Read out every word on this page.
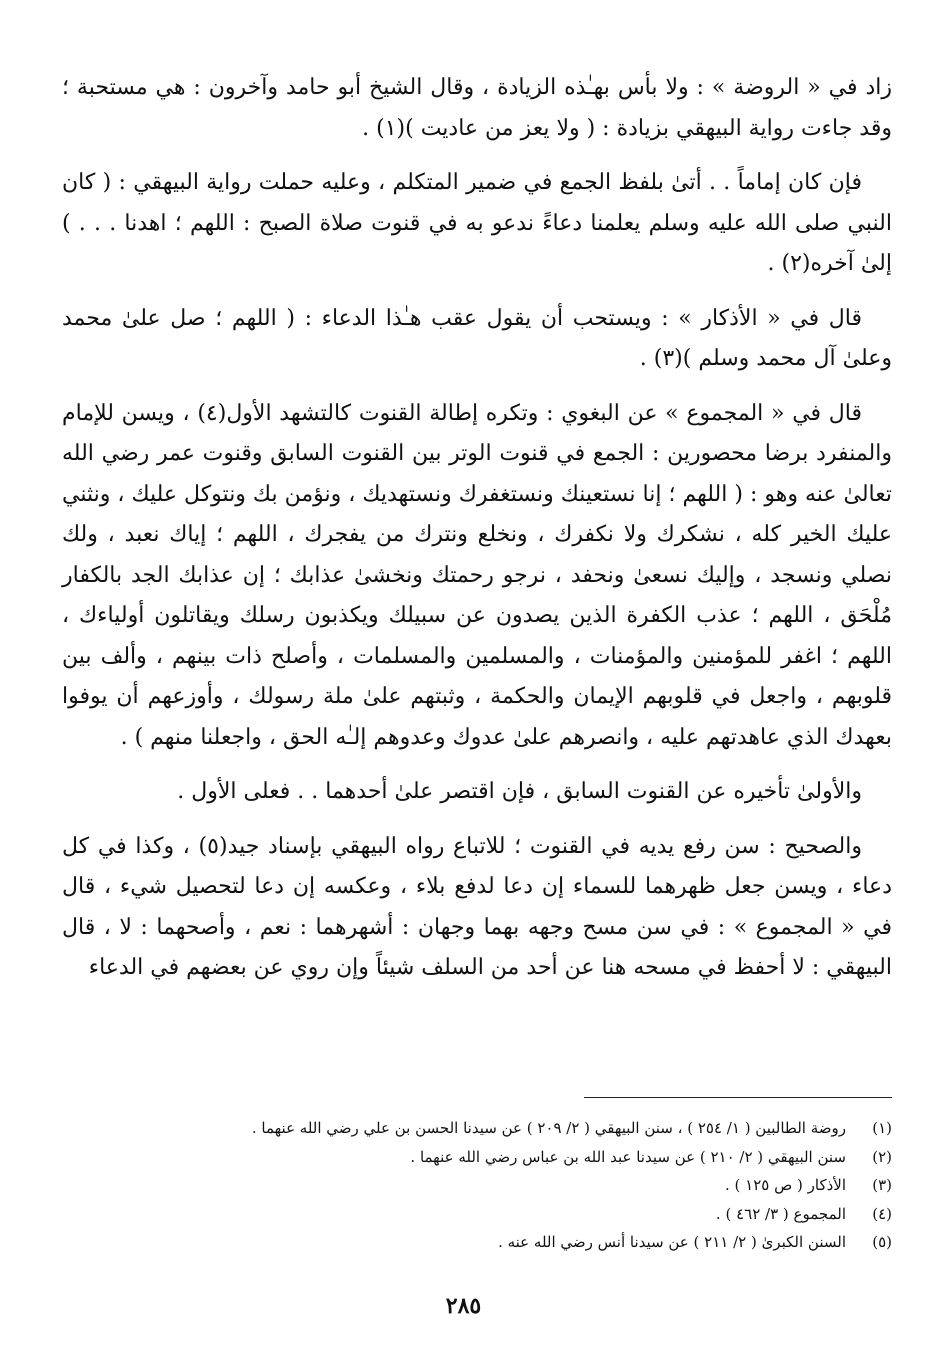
زاد في « الروضة » : ولا بأس بهـٰذه الزيادة ، وقال الشيخ أبو حامد وآخرون : هي مستحبة ؛ وقد جاءت رواية البيهقي بزيادة : ( ولا يعز من عاديت )(١) .

فإن كان إماماً . . أتىٰ بلفظ الجمع في ضمير المتكلم ، وعليه حملت رواية البيهقي : ( كان النبي صلى الله عليه وسلم يعلمنا دعاءً ندعو به في قنوت صلاة الصبح : اللهم ؛ اهدنا . . . ) إلىٰ آخره(٢) .

قال في « الأذكار » : ويستحب أن يقول عقب هـٰذا الدعاء : ( اللهم ؛ صل علىٰ محمد وعلىٰ آل محمد وسلم )(٣) .

قال في « المجموع » عن البغوي : وتكره إطالة القنوت كالتشهد الأول(٤) ، ويسن للإمام والمنفرد برضا محصورين : الجمع في قنوت الوتر بين القنوت السابق وقنوت عمر رضي الله تعالىٰ عنه وهو : ( اللهم ؛ إنا نستعينك ونستغفرك ونستهديك ، ونؤمن بك ونتوكل عليك ، ونثني عليك الخير كله ، نشكرك ولا نكفرك ، ونخلع ونترك من يفجرك ، اللهم ؛ إياك نعبد ، ولك نصلي ونسجد ، وإليك نسعىٰ ونحفد ، نرجو رحمتك ونخشىٰ عذابك ؛ إن عذابك الجد بالكفار مُلْحَق ، اللهم ؛ عذب الكفرة الذين يصدون عن سبيلك ويكذبون رسلك ويقاتلون أولياءك ، اللهم ؛ اغفر للمؤمنين والمؤمنات ، والمسلمين والمسلمات ، وأصلح ذات بينهم ، وألف بين قلوبهم ، واجعل في قلوبهم الإيمان والحكمة ، وثبتهم علىٰ ملة رسولك ، وأوزعهم أن يوفوا بعهدك الذي عاهدتهم عليه ، وانصرهم علىٰ عدوك وعدوهم إلـٰه الحق ، واجعلنا منهم ) .

والأولىٰ تأخيره عن القنوت السابق ، فإن اقتصر علىٰ أحدهما . . فعلى الأول .

والصحيح : سن رفع يديه في القنوت ؛ للاتباع رواه البيهقي بإسناد جيد(٥) ، وكذا في كل دعاء ، ويسن جعل ظهرهما للسماء إن دعا لدفع بلاء ، وعكسه إن دعا لتحصيل شيء ، قال في « المجموع » : في سن مسح وجهه بهما وجهان : أشهرهما : نعم ، وأصحهما : لا ، قال البيهقي : لا أحفظ في مسحه هنا عن أحد من السلف شيئاً وإن روي عن بعضهم في الدعاء

(١)
روضة الطالبين ( ١/ ٢٥٤ ) ، سنن البيهقي ( ٢/ ٢٠٩ ) عن سيدنا الحسن بن علي رضي الله عنهما .
(٢)
سنن البيهقي ( ٢/ ٢١٠ ) عن سيدنا عبد الله بن عباس رضي الله عنهما .
(٣)
الأذكار ( ص ١٢٥ ) .
(٤)
المجموع ( ٣/ ٤٦٢ ) .
(٥)
السنن الكبرىٰ ( ٢/ ٢١١ ) عن سيدنا أنس رضي الله عنه .
٢٨٥
